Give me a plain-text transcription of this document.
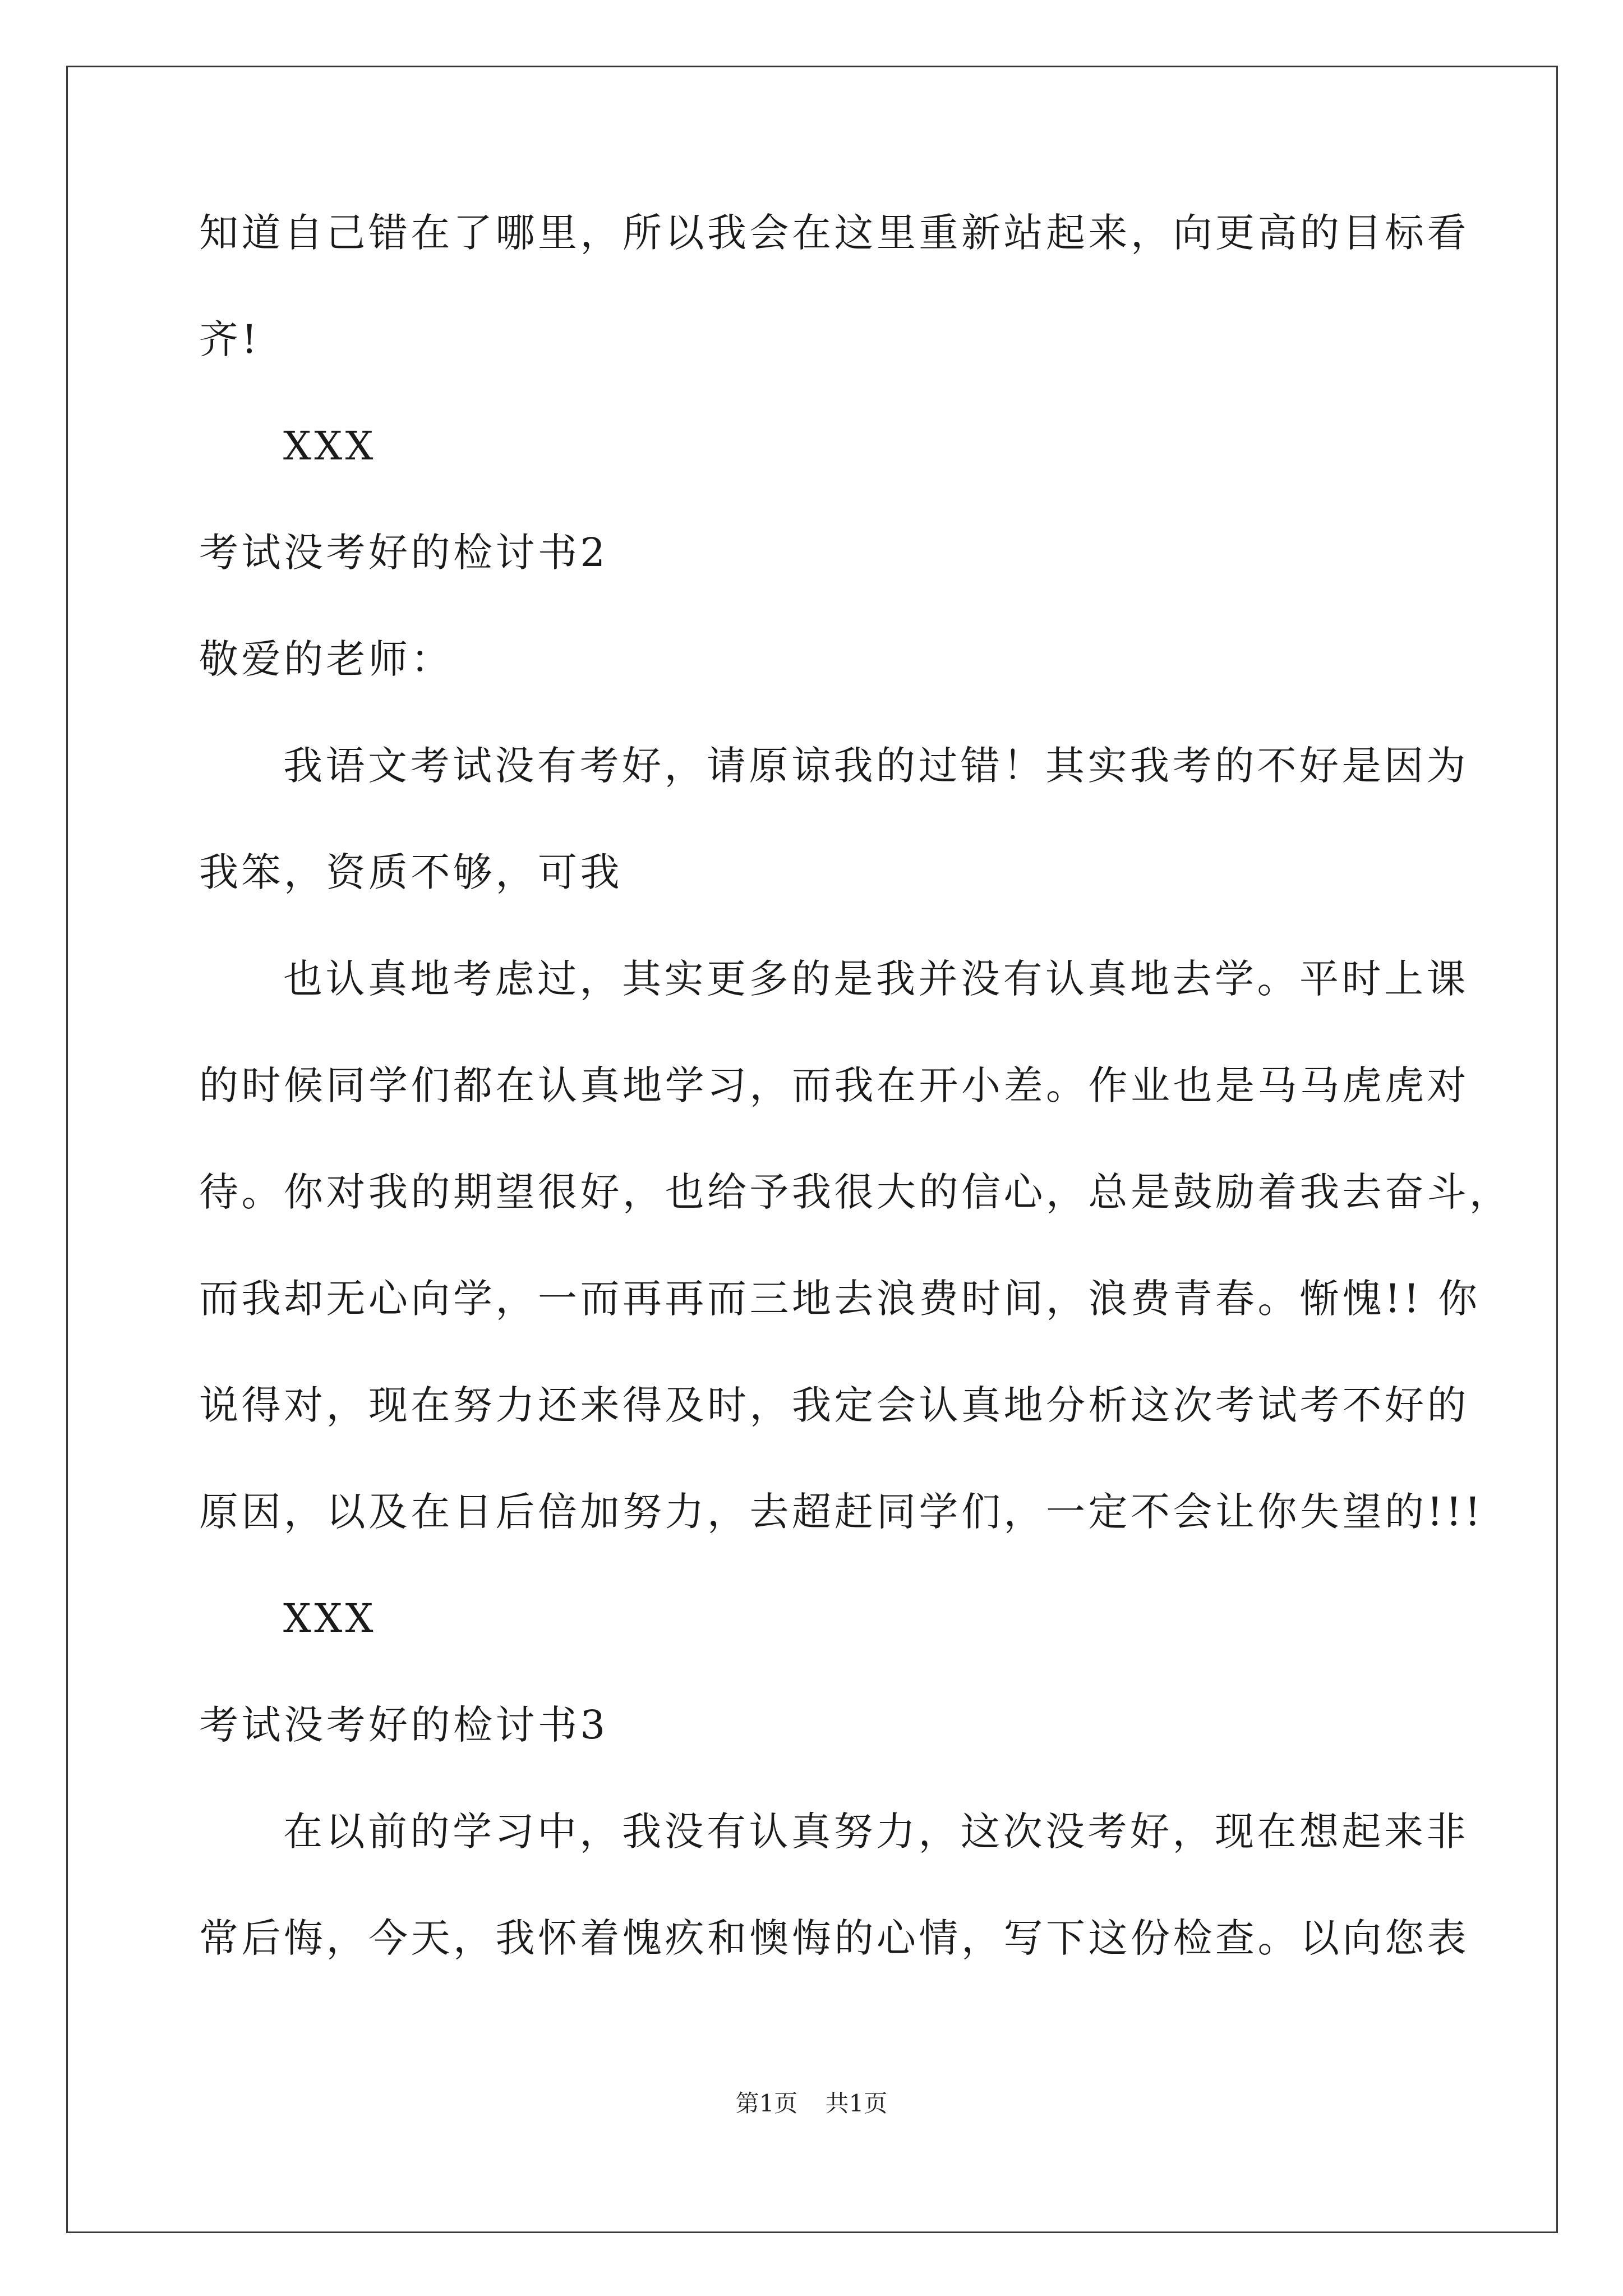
知道自己错在了哪里，所以我会在这里重新站起来，向更高的目标看
齐!
XXX
考试没考好的检讨书2
敬爱的老师：
我语文考试没有考好，请原谅我的过错！其实我考的不好是因为
我笨，资质不够，可我
也认真地考虑过，其实更多的是我并没有认真地去学。平时上课
的时候同学们都在认真地学习，而我在开小差。作业也是马马虎虎对
待。你对我的期望很好，也给予我很大的信心，总是鼓励着我去奋斗，
而我却无心向学，一而再再而三地去浪费时间，浪费青春。惭愧!! 你
说得对，现在努力还来得及时，我定会认真地分析这次考试考不好的
原因，以及在日后倍加努力，去超赶同学们，一定不会让你失望的!!!
XXX
考试没考好的检讨书3
在以前的学习中，我没有认真努力，这次没考好，现在想起来非
常后悔，今天，我怀着愧疚和懊悔的心情，写下这份检查。以向您表
第1页 共1页
